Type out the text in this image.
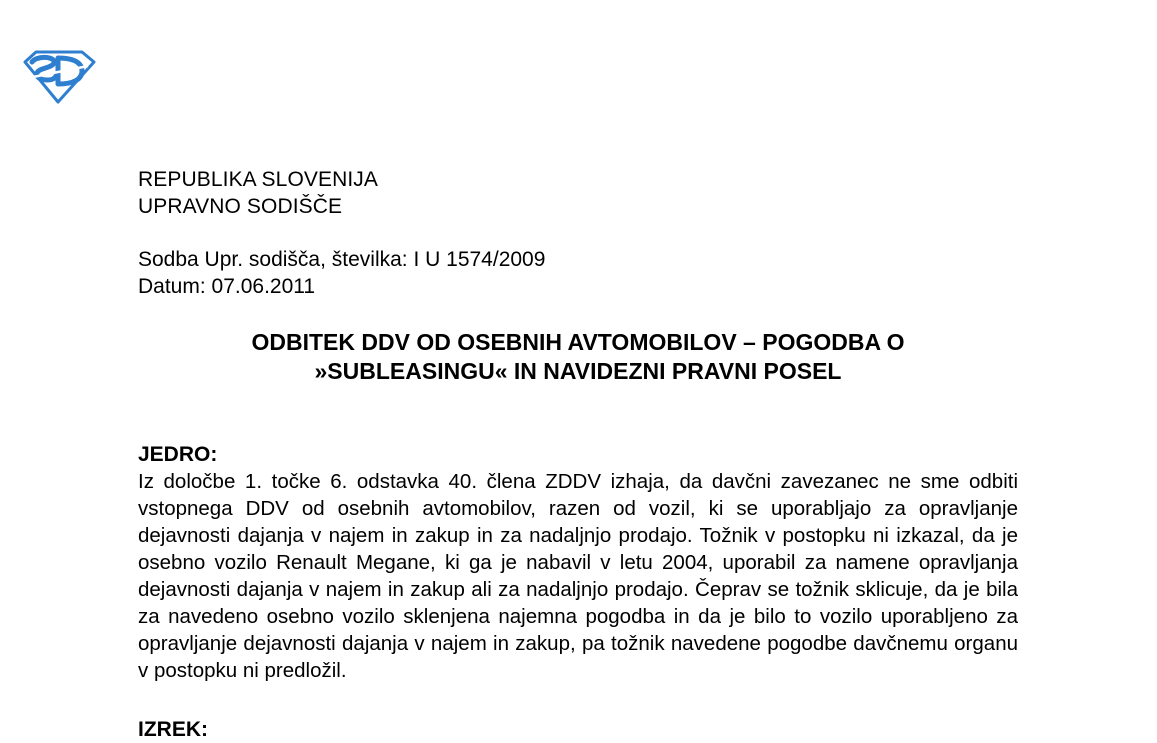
REPUBLIKA SLOVENIJA
UPRAVNO SODIŠČE
Sodba Upr. sodišča, številka: I U 1574/2009
Datum: 07.06.2011
ODBITEK DDV OD OSEBNIH AVTOMOBILOV – POGODBA O
»SUBLEASINGU« IN NAVIDEZNI PRAVNI POSEL
JEDRO:

Iz določbe 1. točke 6. odstavka 40. člena ZDDV izhaja, da davčni zavezanec ne sme odbiti vstopnega DDV od osebnih avtomobilov, razen od vozil, ki se uporabljajo za opravljanje dejavnosti dajanja v najem in zakup in za nadaljnjo prodajo. Tožnik v postopku ni izkazal, da je osebno vozilo Renault Megane, ki ga je nabavil v letu 2004, uporabil za namene opravljanja dejavnosti dajanja v najem in zakup ali za nadaljnjo prodajo. Čeprav se tožnik sklicuje, da je bila za navedeno osebno vozilo sklenjena najemna pogodba in da je bilo to vozilo uporabljeno za opravljanje dejavnosti dajanja v najem in zakup, pa tožnik navedene pogodbe davčnemu organu v postopku ni predložil.

IZREK:
